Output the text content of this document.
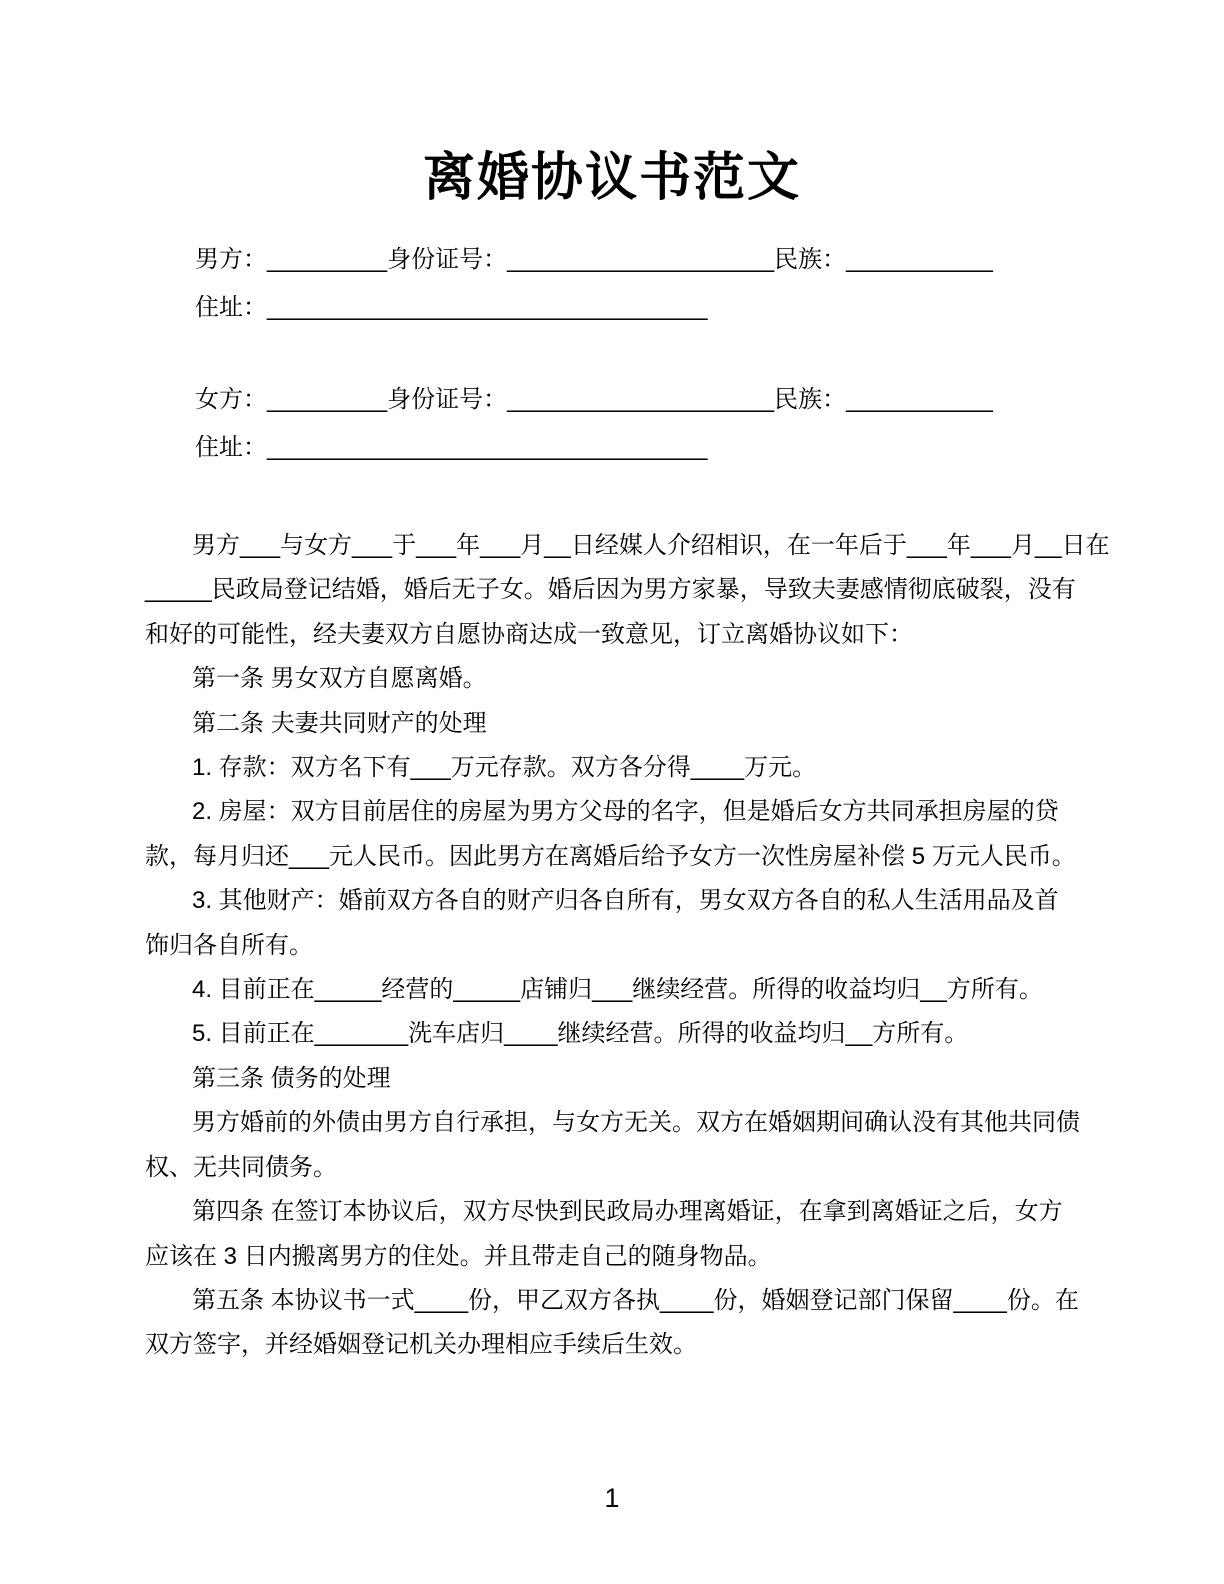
离婚协议书范文
男方：_________身份证号：____________________民族：___________
住址：_________________________________
女方：_________身份证号：____________________民族：___________
住址：_________________________________
男方___与女方___于___年___月__日经媒人介绍相识，在一年后于___年___月__日在
_____民政局登记结婚，婚后无子女。婚后因为男方家暴，导致夫妻感情彻底破裂，没有
和好的可能性，经夫妻双方自愿协商达成一致意见，订立离婚协议如下：
第一条 男女双方自愿离婚。
第二条 夫妻共同财产的处理
1. 存款：双方名下有___万元存款。双方各分得____万元。
2. 房屋：双方目前居住的房屋为男方父母的名字，但是婚后女方共同承担房屋的贷
款，每月归还___元人民币。因此男方在离婚后给予女方一次性房屋补偿 5 万元人民币。
3. 其他财产：婚前双方各自的财产归各自所有，男女双方各自的私人生活用品及首
饰归各自所有。
4. 目前正在_____经营的_____店铺归___继续经营。所得的收益均归__方所有。
5. 目前正在_______洗车店归____继续经营。所得的收益均归__方所有。
第三条 债务的处理
男方婚前的外债由男方自行承担，与女方无关。双方在婚姻期间确认没有其他共同债
权、无共同债务。
第四条 在签订本协议后，双方尽快到民政局办理离婚证，在拿到离婚证之后，女方
应该在 3 日内搬离男方的住处。并且带走自己的随身物品。
第五条 本协议书一式____份，甲乙双方各执____份，婚姻登记部门保留____份。在
双方签字，并经婚姻登记机关办理相应手续后生效。
1
